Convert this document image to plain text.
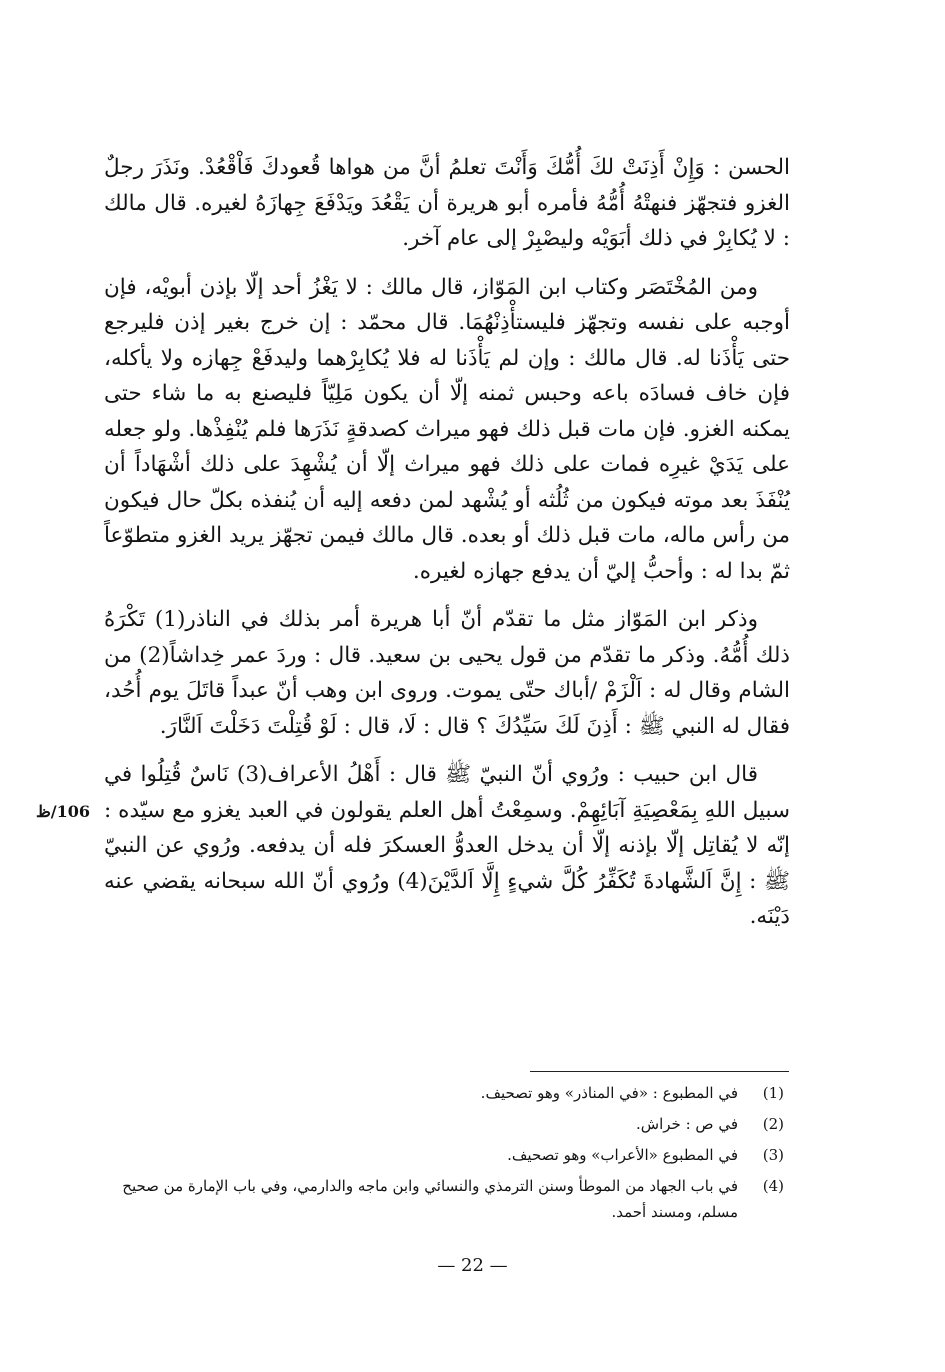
الحسن : وَإِنْ أَذِنَتْ لكَ أُمُّكَ وَأَنْتَ تعلمُ أنَّ من هواها قُعودكَ فَاْقْعُدْ. ونَذَرَ رجلٌ الغزو فتجهّز فنهتْهُ أُمُّهُ فأمره أبو هريرة أن يَقْعُدَ ويَدْفَعَ جِهازَهُ لغيره. قال مالك : لا يُكابِرْ في ذلك أبَوَيْه وليصْبِرْ إلى عام آخر.

ومن المُخْتَصَر وكتاب ابن المَوّاز، قال مالك : لا يَغْزُ أحد إلّا بإذن أبويْه، فإن أوجبه على نفسه وتجهّز فليستأْذِنْهُمَا. قال محمّد : إن خرج بغير إذن فليرجع حتى يَأْذَنا له. قال مالك : وإن لم يَأْذَنا له فلا يُكابِرْهما وليدفَعْ جِهازه ولا يأكله، فإن خاف فسادَه باعه وحبس ثمنه إلّا أن يكون مَلِيّاً فليصنع به ما شاء حتى يمكنه الغزو. فإن مات قبل ذلك فهو ميراث كصدقةٍ نَذَرَها فلم يُنْفِذْها. ولو جعله على يَدَيْ غيرِه فمات على ذلك فهو ميراث إلّا أن يُشْهِدَ على ذلك أشْهَاداً أن يُنْفَذَ بعد موته فيكون من ثُلُثه أو يُشْهد لمن دفعه إليه أن يُنفذه بكلّ حال فيكون من رأس ماله، مات قبل ذلك أو بعده. قال مالك فيمن تجهّز يريد الغزو متطوّعاً ثمّ بدا له : وأحبُّ إليّ أن يدفع جهازه لغيره.

وذكر ابن المَوّاز مثل ما تقدّم أنّ أبا هريرة أمر بذلك في الناذر(1) تَكْرَهُ ذلك أُمُّهُ. وذكر ما تقدّم من قول يحيى بن سعيد. قال : وردَ عمر خِداشاً(2) من الشام وقال له : اَلْزَمْ /أباك حتّى يموت. وروى ابن وهب أنّ عبداً قاتَلَ يوم أُحُد، فقال له النبي ﷺ : أَذِنَ لَكَ سَيِّدُكَ ؟ قال : لَا، قال : لَوْ قُتِلْتَ دَخَلْتَ اَلنَّارَ.

قال ابن حبيب : ورُوي أنّ النبيّ ﷺ قال : أَهْلُ الأعراف(3) نَاسٌ قُتِلُوا في سبيل اللهِ بِمَعْصِيَةِ آبَائِهِمْ. وسمِعْتُ أهل العلم يقولون في العبد يغزو مع سيّده : إنّه لا يُقاتِل إلّا بإذنه إلّا أن يدخل العدوُّ العسكرَ فله أن يدفعه. ورُوي عن النبيّ ﷺ : إِنَّ اَلشَّهادةَ تُكَفِّرُ كُلَّ شيءٍ إِلَّا اَلدَّيْنَ(4) ورُوي أنّ الله سبحانه يقضي عنه دَيْنَه.

106/ظ
(1)
في المطبوع : «في المناذر» وهو تصحيف.
(2)
في ص : خراش.
(3)
في المطبوع «الأعراب» وهو تصحيف.
(4)
في باب الجهاد من الموطأ وسنن الترمذي والنسائي وابن ماجه والدارمي، وفي باب الإمارة من صحيح مسلم، ومسند أحمد.
— 22 —
